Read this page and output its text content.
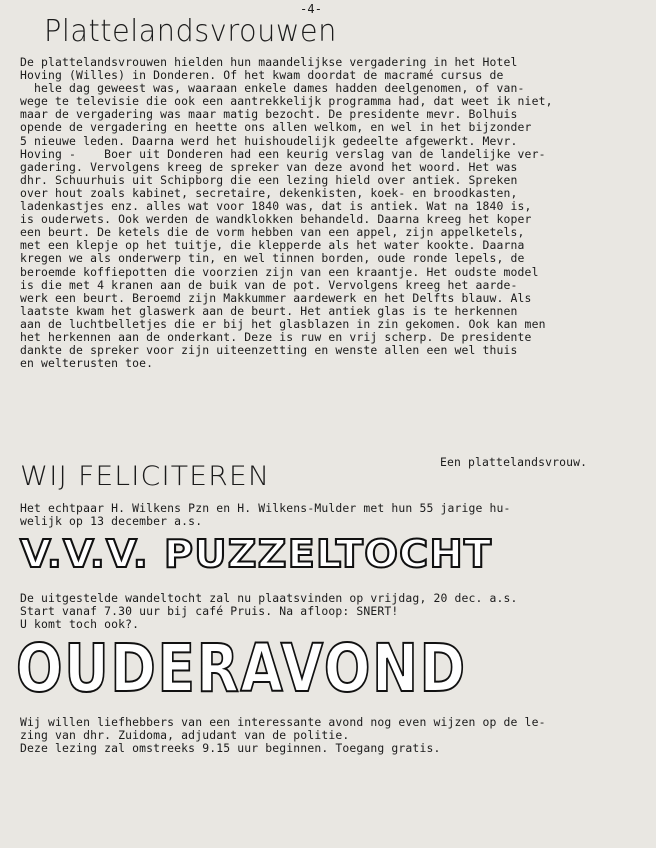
-4-
Plattelandsvrouwen
De plattelandsvrouwen hielden hun maandelijkse vergadering in het Hotel
Hoving (Willes) in Donderen. Of het kwam doordat de macramé cursus de
hele dag geweest was, waaraan enkele dames hadden deelgenomen, of van-
wege te televisie die ook een aantrekkelijk programma had, dat weet ik niet,
maar de vergadering was maar matig bezocht. De presidente mevr. Bolhuis
opende de vergadering en heette ons allen welkom, en wel in het bijzonder
5 nieuwe leden. Daarna werd het huishoudelijk gedeelte afgewerkt. Mevr.
Hoving -    Boer uit Donderen had een keurig verslag van de landelijke ver-
gadering. Vervolgens kreeg de spreker van deze avond het woord. Het was
dhr. Schuurhuis uit Schipborg die een lezing hield over antiek. Spreken
over hout zoals kabinet, secretaire, dekenkisten, koek- en broodkasten,
ladenkastjes enz. alles wat voor 1840 was, dat is antiek. Wat na 1840 is,
is ouderwets. Ook werden de wandklokken behandeld. Daarna kreeg het koper
een beurt. De ketels die de vorm hebben van een appel, zijn appelketels,
met een klepje op het tuitje, die klepperde als het water kookte. Daarna
kregen we als onderwerp tin, en wel tinnen borden, oude ronde lepels, de
beroemde koffiepotten die voorzien zijn van een kraantje. Het oudste model
is die met 4 kranen aan de buik van de pot. Vervolgens kreeg het aarde-
werk een beurt. Beroemd zijn Makkummer aardewerk en het Delfts blauw. Als
laatste kwam het glaswerk aan de beurt. Het antiek glas is te herkennen
aan de luchtbelletjes die er bij het glasblazen in zin gekomen. Ook kan men
het herkennen aan de onderkant. Deze is ruw en vrij scherp. De presidente
dankte de spreker voor zijn uiteenzetting en wenste allen een wel thuis
en welterusten toe.
Een plattelandsvrouw.
WIJ FELICITEREN
Het echtpaar H. Wilkens Pzn en H. Wilkens-Mulder met hun 55 jarige hu-
welijk op 13 december a.s.
V.V.V. PUZZELTOCHT
De uitgestelde wandeltocht zal nu plaatsvinden op vrijdag, 20 dec. a.s.
Start vanaf 7.30 uur bij café Pruis. Na afloop: SNERT!
U komt toch ook?.
OUDERAVOND
Wij willen liefhebbers van een interessante avond nog even wijzen op de le-
zing van dhr. Zuidoma, adjudant van de politie.
Deze lezing zal omstreeks 9.15 uur beginnen. Toegang gratis.
